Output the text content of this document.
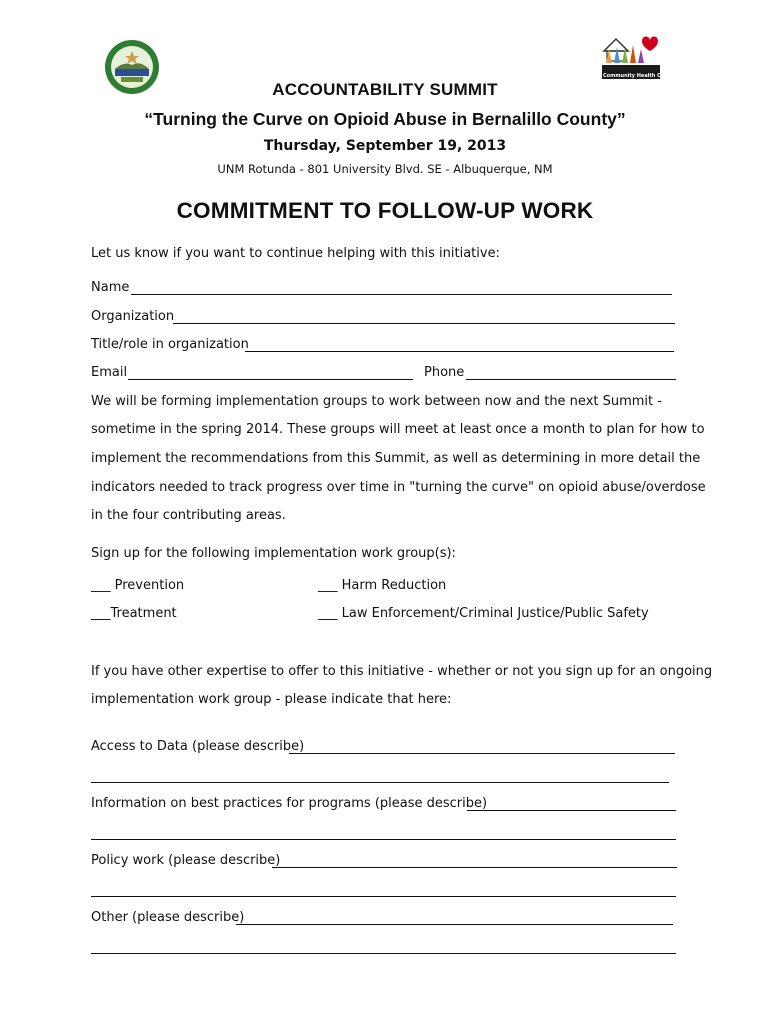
Community Health Council
ACCOUNTABILITY SUMMIT
“Turning the Curve on Opioid Abuse in Bernalillo County”
Thursday, September 19, 2013
UNM Rotunda - 801 University Blvd. SE - Albuquerque, NM
COMMITMENT TO FOLLOW-UP WORK
Let us know if you want to continue helping with this initiative:
Name
Organization
Title/role in organization
Email	Phone
We will be forming implementation groups to work between now and the next Summit -
sometime in the spring 2014. These groups will meet at least once a month to plan for how to
implement the recommendations from this Summit, as well as determining in more detail the
indicators needed to track progress over time in "turning the curve" on opioid abuse/overdose
in the four contributing areas.
Sign up for the following implementation work group(s):
___ Prevention	___ Harm Reduction
___Treatment	___ Law Enforcement/Criminal Justice/Public Safety
If you have other expertise to offer to this initiative - whether or not you sign up for an ongoing
implementation work group - please indicate that here:
Access to Data (please describe)
Information on best practices for programs (please describe)
Policy work (please describe)
Other (please describe)
